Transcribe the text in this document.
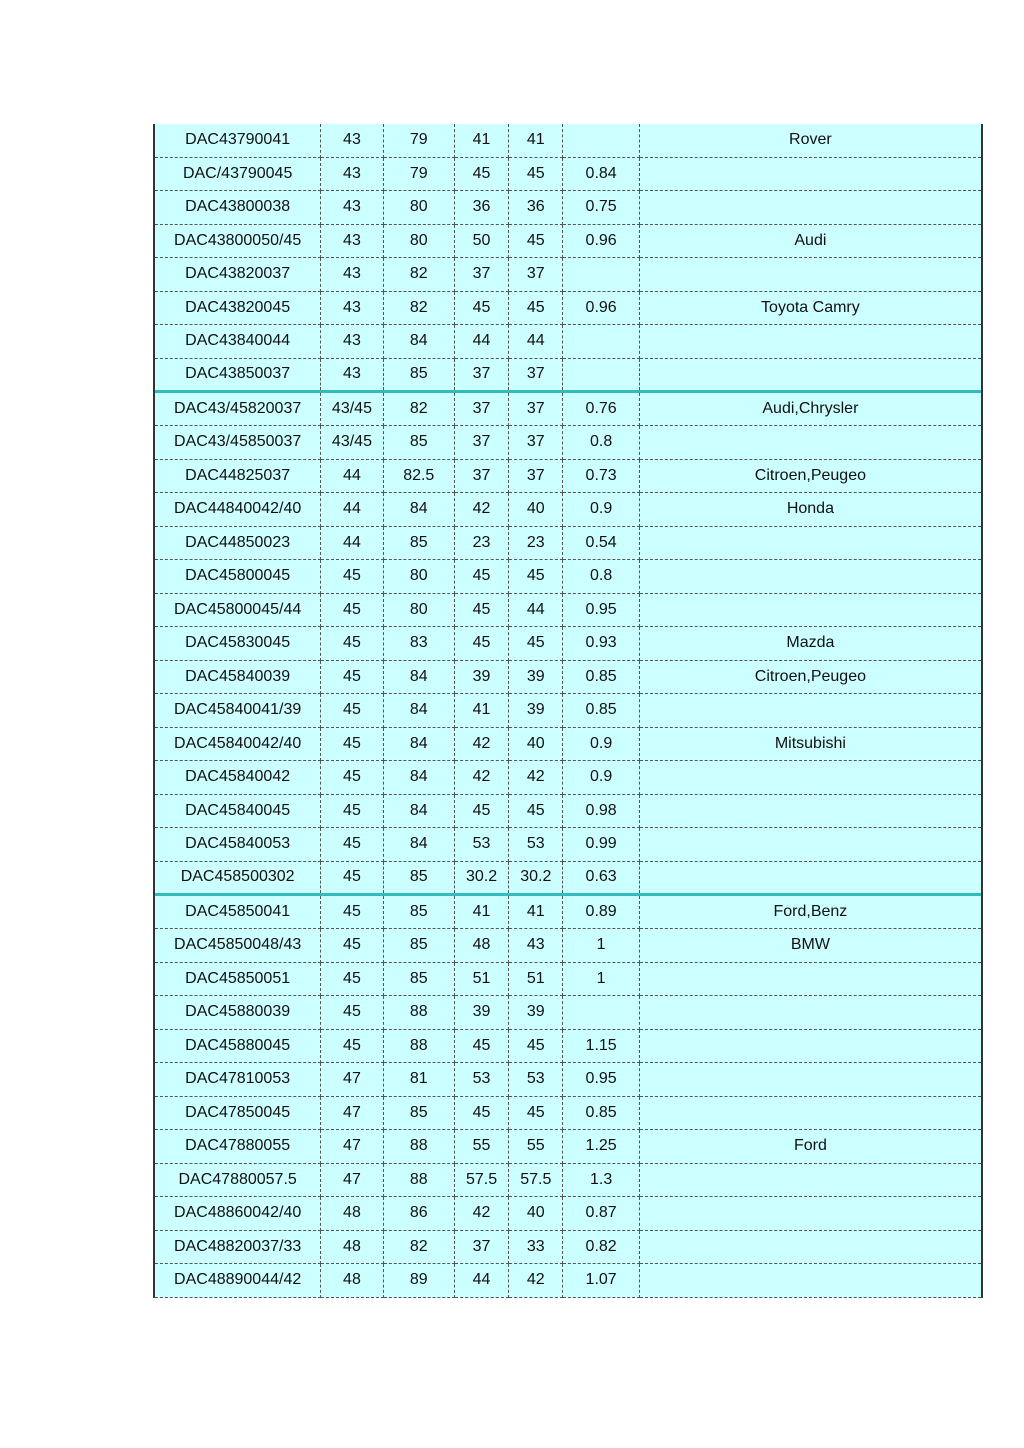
DAC43790041	43	79	41	41		Rover
DAC/43790045	43	79	45	45	0.84	
DAC43800038	43	80	36	36	0.75	
DAC43800050/45	43	80	50	45	0.96	Audi
DAC43820037	43	82	37	37		
DAC43820045	43	82	45	45	0.96	Toyota Camry
DAC43840044	43	84	44	44		
DAC43850037	43	85	37	37		
DAC43/45820037	43/45	82	37	37	0.76	Audi,Chrysler
DAC43/45850037	43/45	85	37	37	0.8	
DAC44825037	44	82.5	37	37	0.73	Citroen,Peugeo
DAC44840042/40	44	84	42	40	0.9	Honda
DAC44850023	44	85	23	23	0.54	
DAC45800045	45	80	45	45	0.8	
DAC45800045/44	45	80	45	44	0.95	
DAC45830045	45	83	45	45	0.93	Mazda
DAC45840039	45	84	39	39	0.85	Citroen,Peugeo
DAC45840041/39	45	84	41	39	0.85	
DAC45840042/40	45	84	42	40	0.9	Mitsubishi
DAC45840042	45	84	42	42	0.9	
DAC45840045	45	84	45	45	0.98	
DAC45840053	45	84	53	53	0.99	
DAC458500302	45	85	30.2	30.2	0.63	
DAC45850041	45	85	41	41	0.89	Ford,Benz
DAC45850048/43	45	85	48	43	1	BMW
DAC45850051	45	85	51	51	1	
DAC45880039	45	88	39	39		
DAC45880045	45	88	45	45	1.15	
DAC47810053	47	81	53	53	0.95	
DAC47850045	47	85	45	45	0.85	
DAC47880055	47	88	55	55	1.25	Ford
DAC47880057.5	47	88	57.5	57.5	1.3	
DAC48860042/40	48	86	42	40	0.87	
DAC48820037/33	48	82	37	33	0.82	
DAC48890044/42	48	89	44	42	1.07	
